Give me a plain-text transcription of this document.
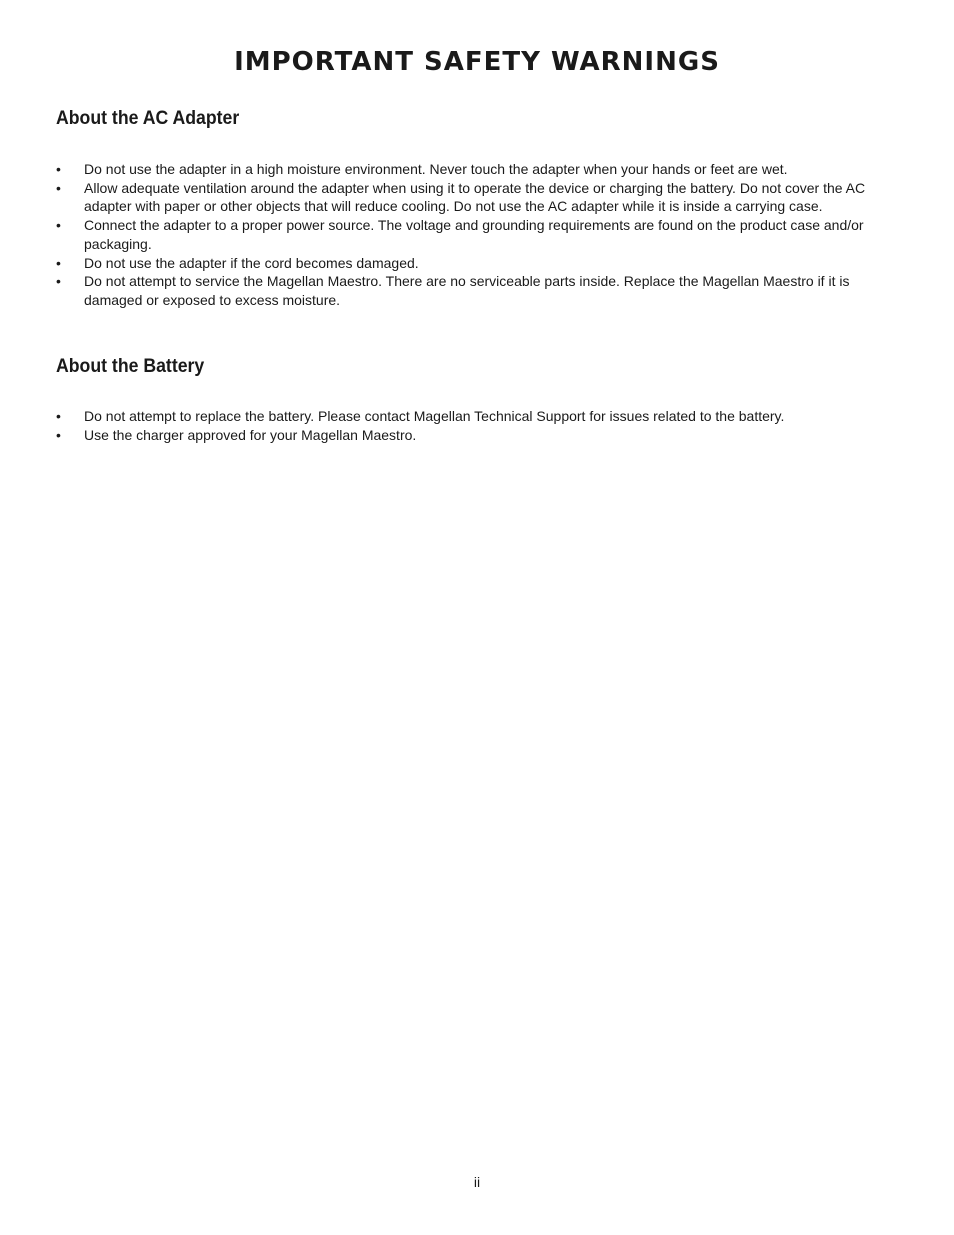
IMPORTANT SAFETY WARNINGS
About the AC Adapter
• Do not use the adapter in a high moisture environment. Never touch the adapter when your hands or feet are wet.
• Allow adequate ventilation around the adapter when using it to operate the device or charging the battery. Do not cover the AC adapter with paper or other objects that will reduce cooling. Do not use the AC adapter while it is inside a carrying case.
• Connect the adapter to a proper power source. The voltage and grounding requirements are found on the product case and/or packaging.
• Do not use the adapter if the cord becomes damaged.
• Do not attempt to service the Magellan Maestro. There are no serviceable parts inside. Replace the Magellan Maestro if it is damaged or exposed to excess moisture.
About the Battery
• Do not attempt to replace the battery. Please contact Magellan Technical Support for issues related to the battery.
• Use the charger approved for your Magellan Maestro.
ii
